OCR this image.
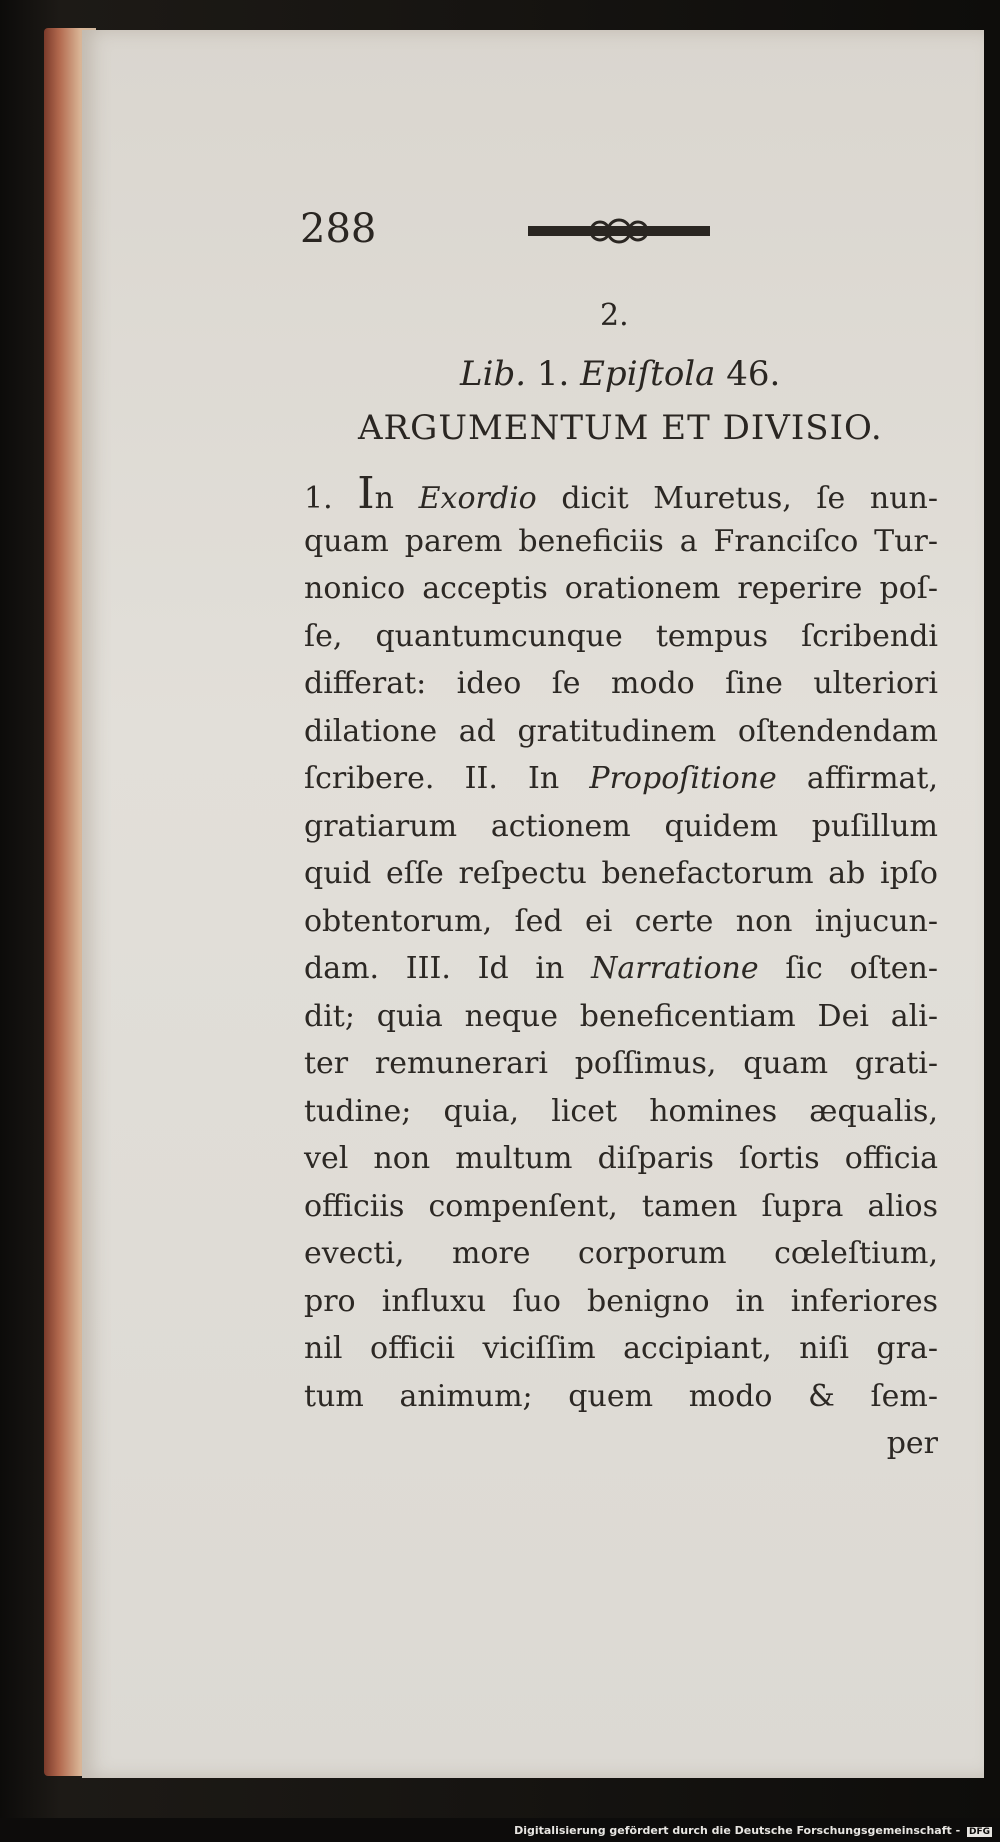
288
2.
Lib. 1. Epiſtola 46.
ARGUMENTUM ET DIVISIO.
1. In Exordio dicit Muretus, ſe nun-
quam parem beneficiis a Franciſco Tur-
nonico acceptis orationem reperire poſ-
ſe, quantumcunque tempus ſcribendi
differat: ideo ſe modo ſine ulteriori
dilatione ad gratitudinem oſtendendam
ſcribere. II. In Propoſitione affirmat,
gratiarum actionem quidem puſillum
quid eſſe reſpectu benefactorum ab ipſo
obtentorum, ſed ei certe non injucun-
dam. III. Id in Narratione ſic oſten-
dit; quia neque beneficentiam Dei ali-
ter remunerari poſſimus, quam grati-
tudine; quia, licet homines æqualis,
vel non multum diſparis ſortis officia
officiis compenſent, tamen ſupra alios
evecti, more corporum cœleſtium,
pro influxu ſuo benigno in inferiores
nil officii viciſſim accipiant, niſi gra-
tum animum; quem modo & ſem-
per
Digitalisierung gefördert durch die Deutsche Forschungsgemeinschaft - DFG
